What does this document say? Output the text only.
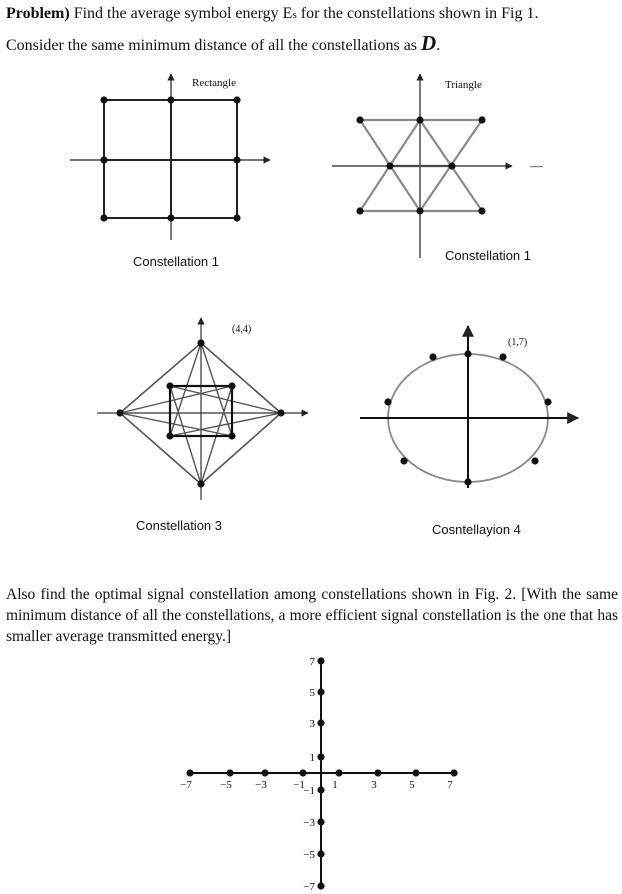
Problem) Find the average symbol energy Es for the constellations shown in Fig 1.
Consider the same minimum distance of all the constellations as D.
Rectangle	Triangle
—
(4,4)
(1,7)
−7	−5 −3 −1 1	3	5	7
7
5
3
1
−1
−3
−5
−7
Constellation 1	Constellation 1
Constellation 3	Cosntellayion 4
Also find the optimal signal constellation among constellations shown in Fig. 2. [With the same minimum distance of all the constellations, a more efficient signal constellation is the one that has smaller average transmitted energy.]
